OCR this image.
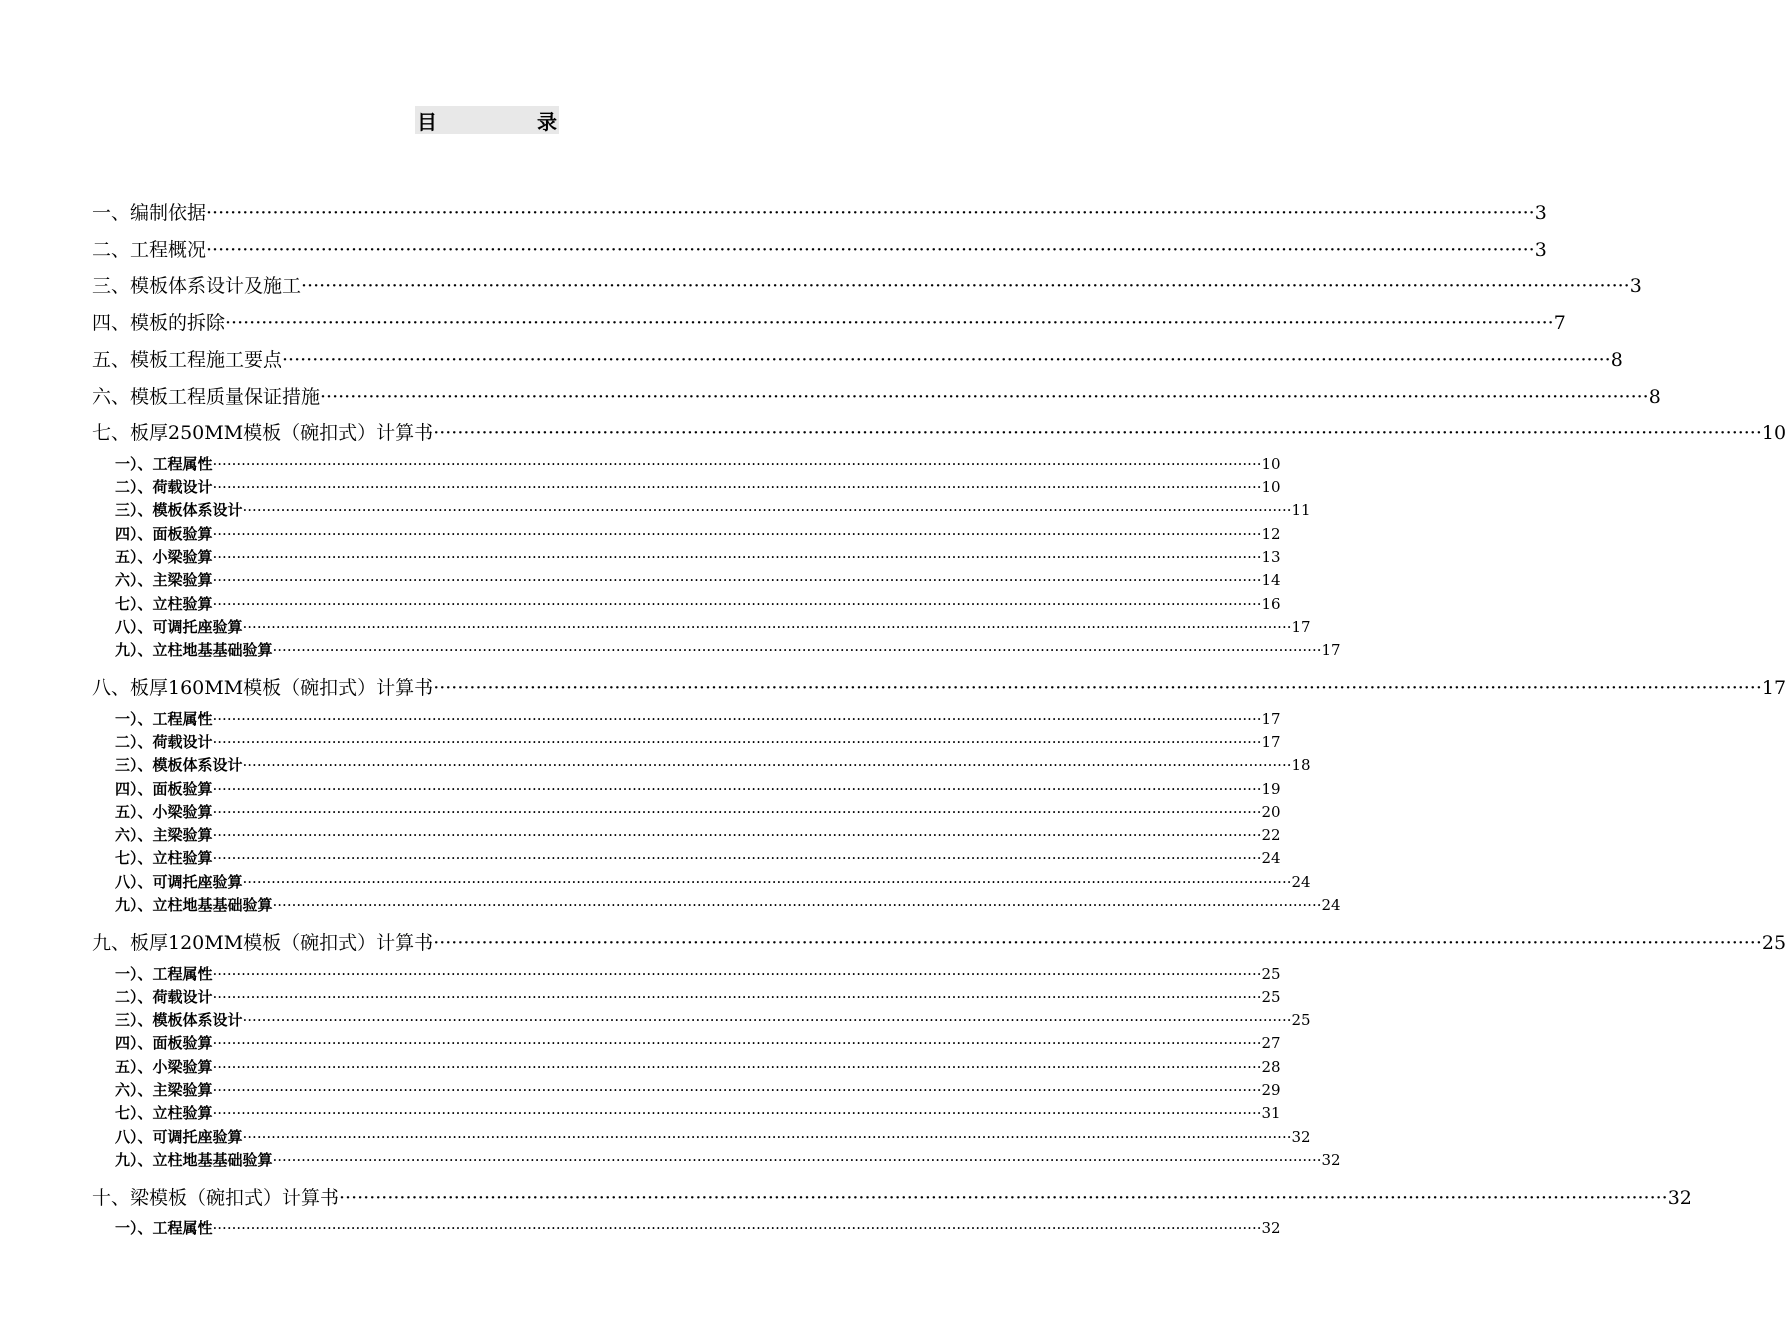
目	录
一、编制依据 ···························································································································································································································· 3
二、工程概况 ···························································································································································································································· 3
三、模板体系设计及施工 ···························································································································································································································· 3
四、模板的拆除 ···························································································································································································································· 7
五、模板工程施工要点 ···························································································································································································································· 8
六、模板工程质量保证措施 ···························································································································································································································· 8
七、板厚250MM模板（碗扣式）计算书 ···························································································································································································································· 10
一）、工程属性 ···························································································································································································································· 10
二）、荷载设计 ···························································································································································································································· 10
三）、模板体系设计 ···························································································································································································································· 11
四）、面板验算 ···························································································································································································································· 12
五）、小梁验算 ···························································································································································································································· 13
六）、主梁验算 ···························································································································································································································· 14
七）、立柱验算 ···························································································································································································································· 16
八）、可调托座验算 ···························································································································································································································· 17
九）、立柱地基基础验算 ···························································································································································································································· 17
八、板厚160MM模板（碗扣式）计算书 ···························································································································································································································· 17
一）、工程属性 ···························································································································································································································· 17
二）、荷载设计 ···························································································································································································································· 17
三）、模板体系设计 ···························································································································································································································· 18
四）、面板验算 ···························································································································································································································· 19
五）、小梁验算 ···························································································································································································································· 20
六）、主梁验算 ···························································································································································································································· 22
七）、立柱验算 ···························································································································································································································· 24
八）、可调托座验算 ···························································································································································································································· 24
九）、立柱地基基础验算 ···························································································································································································································· 24
九、板厚120MM模板（碗扣式）计算书 ···························································································································································································································· 25
一）、工程属性 ···························································································································································································································· 25
二）、荷载设计 ···························································································································································································································· 25
三）、模板体系设计 ···························································································································································································································· 25
四）、面板验算 ···························································································································································································································· 27
五）、小梁验算 ···························································································································································································································· 28
六）、主梁验算 ···························································································································································································································· 29
七）、立柱验算 ···························································································································································································································· 31
八）、可调托座验算 ···························································································································································································································· 32
九）、立柱地基基础验算 ···························································································································································································································· 32
十、梁模板（碗扣式）计算书 ···························································································································································································································· 32
一）、工程属性 ···························································································································································································································· 32
